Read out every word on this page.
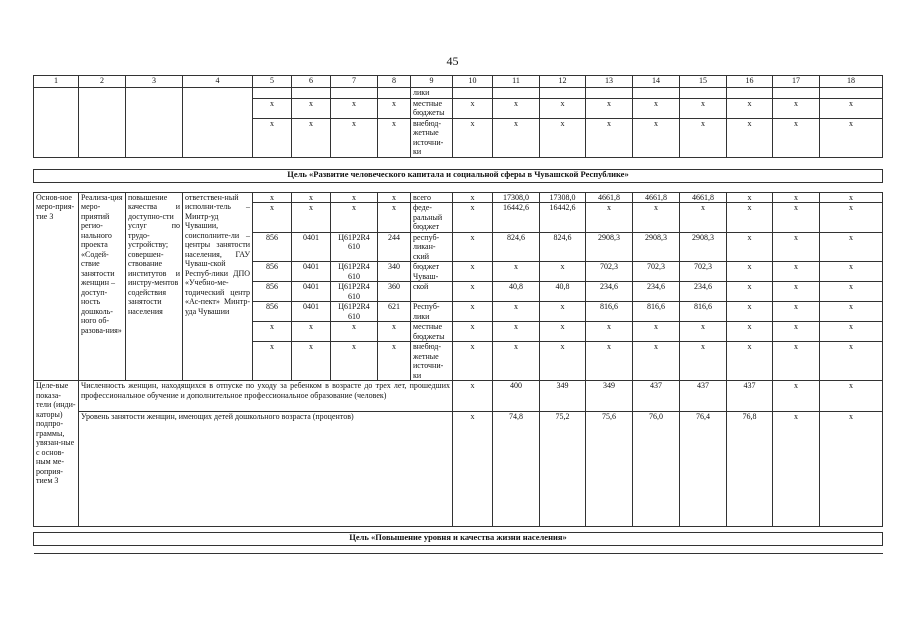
45
1	2	3	4	5	6	7	8	9	10	11	12	13	14	15	16	17	18	
								лики										
				x	x	x	x	местные бюджеты	x	x	x	x	x	x	x	x	x	
				x	x	x	x	внебюд-жетные источни-ки	x	x	x	x	x	x	x	x	x	

Цель «Развитие человеческого капитала и социальной сферы в Чувашской Республике»																		

Основ-ное меро-прия-тие 3	Реализа-ция меро-приятий регио-нального проекта «Содей-ствие занятости женщин – доступ-ность дошколь-ного об-разова-ния»	повышение качества и доступно-сти услуг по трудо-устройству; совершен-ствование институтов и инстру-ментов содействия занятости населения	ответствен-ный исполни-тель – Минтр-уд Чувашии, соисполните-ли – центры занятости населения, ГАУ Чуваш-ской Респуб-лики ДПО «Учебно-ме-тодический центр «Ас-пект» Минтр-уда Чувашии	x	x	x	x	всего	x	17308,0	17308,0	4661,8	4661,8	4661,8	x	x	x	
				x	x	x	x	феде-ральный бюджет	x	16442,6	16442,6	x	x	x	x	x	x	
				856	0401	Ц61Р2R4 610	244	респуб-ликан-ский	x	824,6	824,6	2908,3	2908,3	2908,3	x	x	x	
				856	0401	Ц61Р2R4 610	340	бюджет Чуваш-	x	x	x	702,3	702,3	702,3	x	x	x	
				856	0401	Ц61Р2R4 610	360	ской	x	40,8	40,8	234,6	234,6	234,6	x	x	x	
				856	0401	Ц61Р2R4 610	621	Респуб-лики	x	x	x	816,6	816,6	816,6	x	x	x	
				x	x	x	x	местные бюджеты	x	x	x	x	x	x	x	x	x	
				x	x	x	x	внебюд-жетные источни-ки	x	x	x	x	x	x	x	x	x	
Целе-вые показа-тели (инди-каторы) подпро-граммы, увязан-ные с основ-ным ме-роприя-тием 3	Численность женщин, находящихся в отпуске по уходу за ребенком в возрасте до трех лет, прошедших профессиональное обучение и дополнительное профессиональное образование (человек)								x	400	349	349	437	437	437	x	x	
	Уровень занятости женщин, имеющих детей дошкольного возраста (процентов)								x	74,8	75,2	75,6	76,0	76,4	76,8	x	x	

Цель «Повышение уровня и качества жизни населения»																		
